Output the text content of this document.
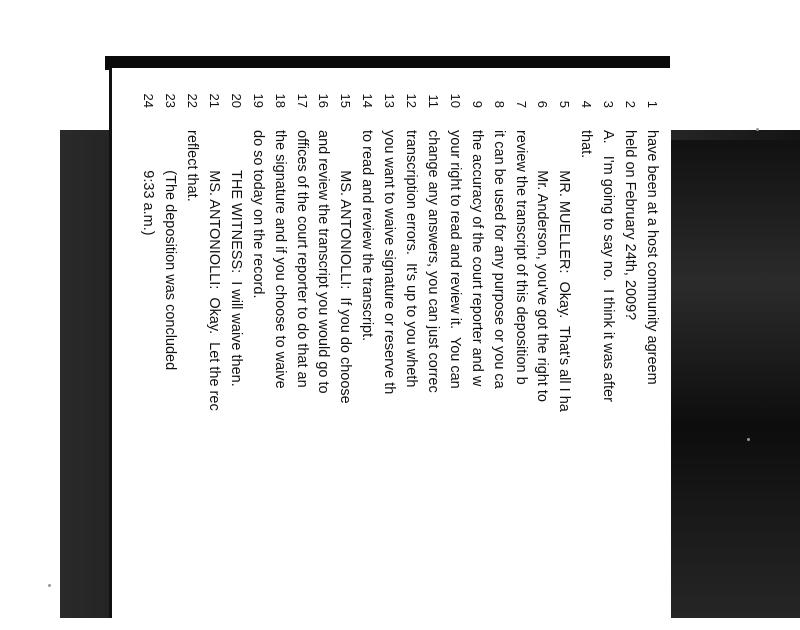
1
have been at a host community agreem
2
held on February 24th, 2009?
3
A.   I'm going to say no.  I think it was after
4
that.
5
MR. MUELLER:  Okay.  That's all I ha
6
Mr. Anderson, you've got the right to
7
review the transcript of this deposition b
8
it can be used for any purpose or you ca
9
the accuracy of the court reporter and w
10
your right to read and review it.  You can
11
change any answers, you can just correc
12
transcription errors.  It's up to you wheth
13
you want to waive signature or reserve th
14
to read and review the transcript.
15
MS. ANTONIOLLI:  If you do choose
16
and review the transcript you would go to
17
offices of the court reporter to do that an
18
the signature and if you choose to waive
19
do so today on the record.
20
THE WITNESS:  I will waive then.
21
MS. ANTONIOLLI:  Okay.  Let the rec
22
reflect that.
23
(The deposition was concluded
24
9:33 a.m.)
